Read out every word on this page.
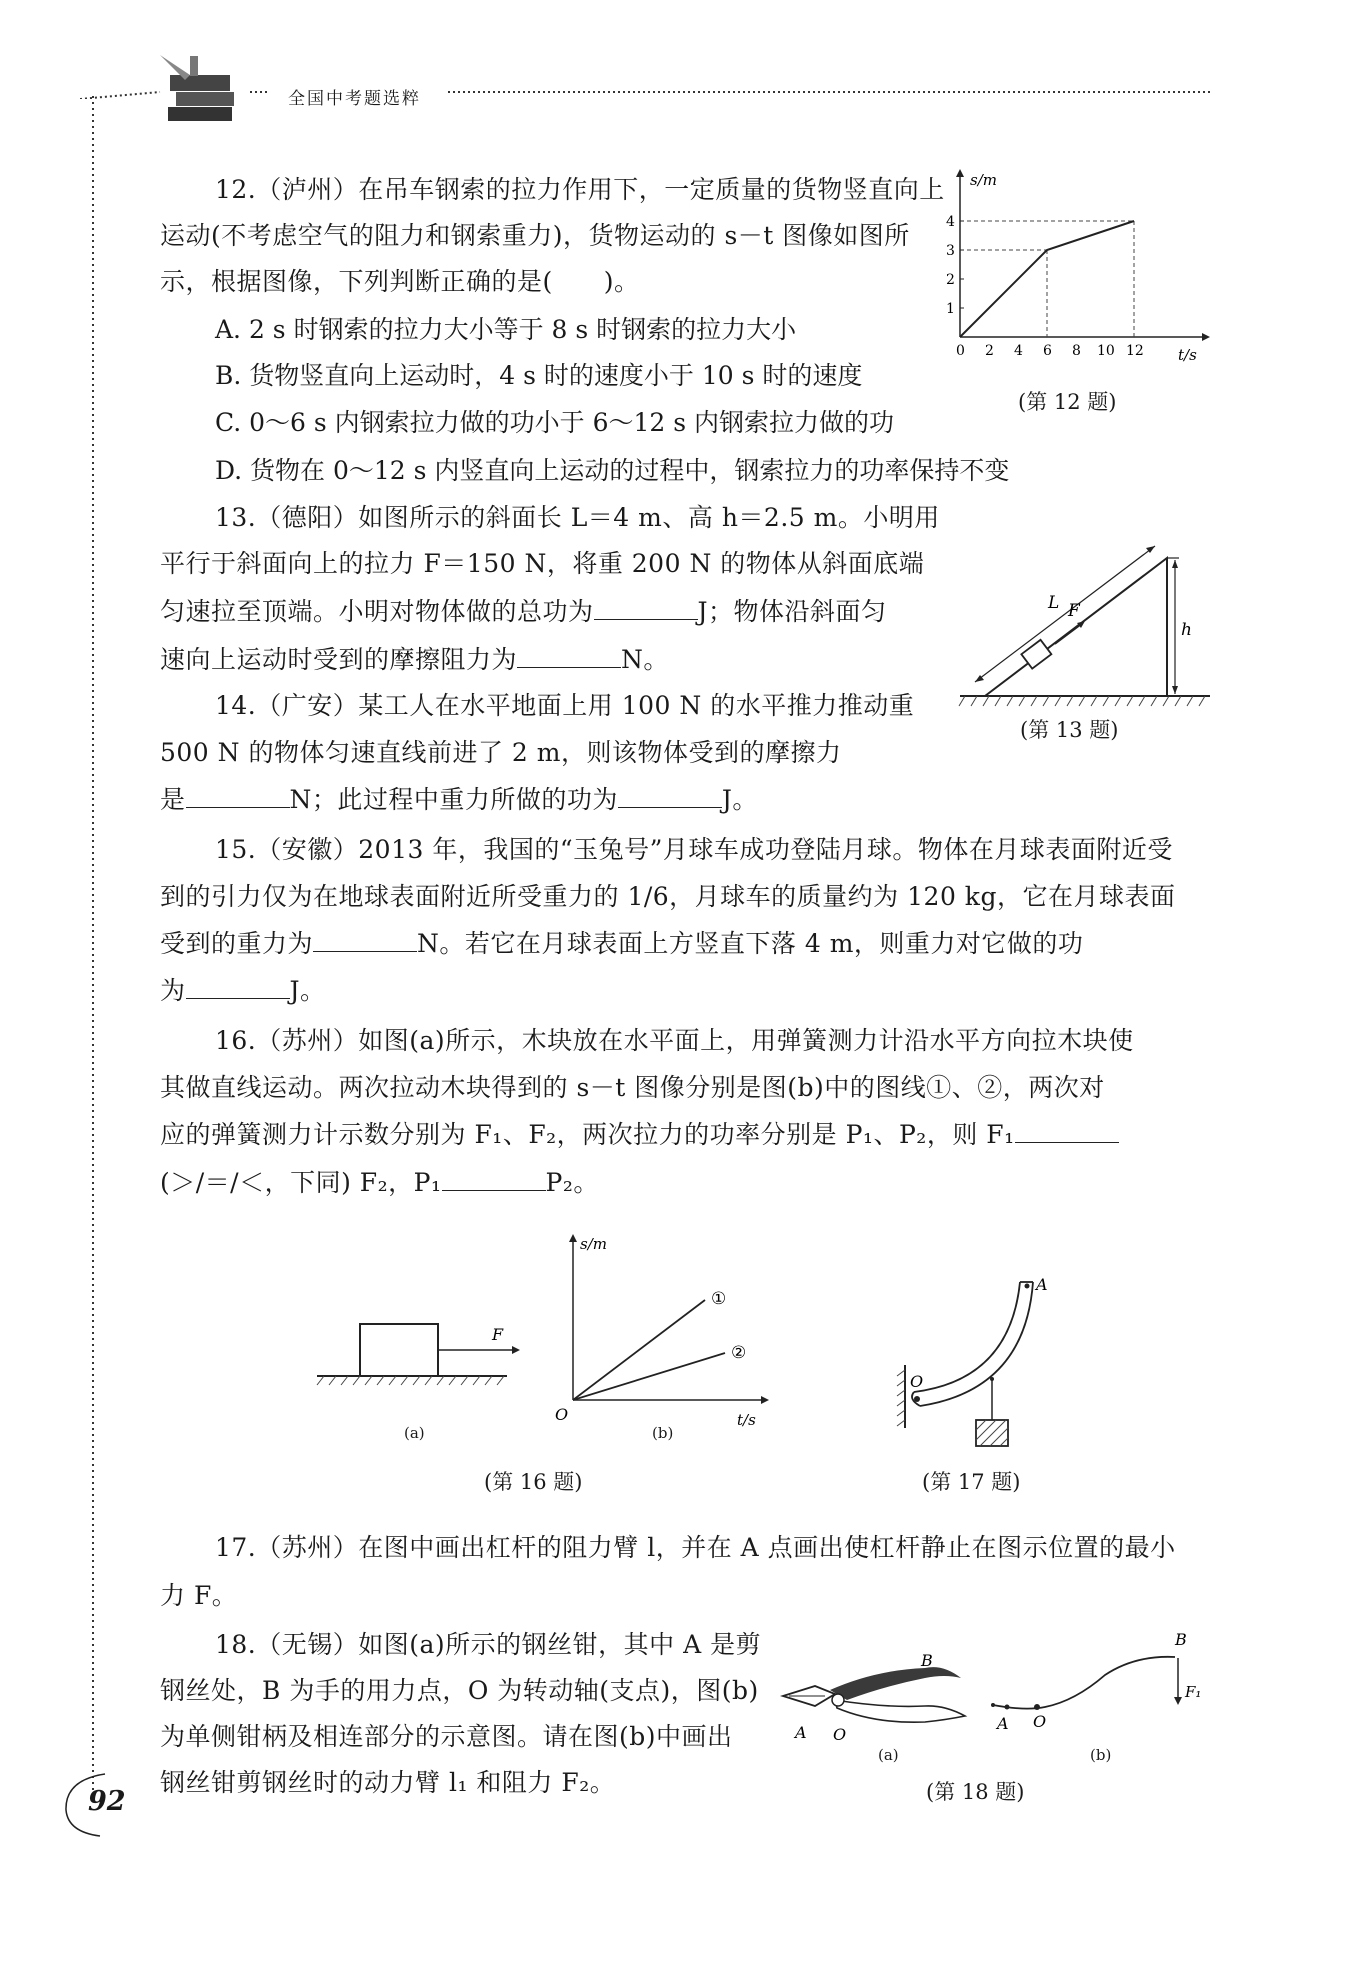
全国中考题选粹
12.（泸州）在吊车钢索的拉力作用下，一定质量的货物竖直向上
运动(不考虑空气的阻力和钢索重力)，货物运动的 s－t 图像如图所
示，根据图像，下列判断正确的是(　　)。
A. 2 s 时钢索的拉力大小等于 8 s 时钢索的拉力大小
B. 货物竖直向上运动时，4 s 时的速度小于 10 s 时的速度
C. 0～6 s 内钢索拉力做的功小于 6～12 s 内钢索拉力做的功
D. 货物在 0～12 s 内竖直向上运动的过程中，钢索拉力的功率保持不变
s/m
t/s
0 2 4 6 8 10 12
1
2
3
4
(第 12 题)
13.（德阳）如图所示的斜面长 L＝4 m、高 h＝2.5 m。小明用
平行于斜面向上的拉力 F＝150 N，将重 200 N 的物体从斜面底端
匀速拉至顶端。小明对物体做的总功为	J；物体沿斜面匀
速向上运动时受到的摩擦阻力为	N。
h
L F
(第 13 题)
14.（广安）某工人在水平地面上用 100 N 的水平推力推动重
500 N 的物体匀速直线前进了 2 m，则该物体受到的摩擦力
是	N；此过程中重力所做的功为	J。
15.（安徽）2013 年，我国的“玉兔号”月球车成功登陆月球。物体在月球表面附近受
到的引力仅为在地球表面附近所受重力的 1/6，月球车的质量约为 120 kg，它在月球表面
受到的重力为	N。若它在月球表面上方竖直下落 4 m，则重力对它做的功
为	J。
16.（苏州）如图(a)所示，木块放在水平面上，用弹簧测力计沿水平方向拉木块使
其做直线运动。两次拉动木块得到的 s－t 图像分别是图(b)中的图线①、②，两次对
应的弹簧测力计示数分别为 F₁、F₂，两次拉力的功率分别是 P₁、P₂，则 F₁
(＞/＝/＜，下同) F₂，P₁	P₂。
F
(a)
s/m
t/s
O
①
②
(b)
(第 16 题)
A
O
(第 17 题)
17.（苏州）在图中画出杠杆的阻力臂 l，并在 A 点画出使杠杆静止在图示位置的最小
力 F。
18.（无锡）如图(a)所示的钢丝钳，其中 A 是剪
钢丝处，B 为手的用力点，O 为转动轴(支点)，图(b)
为单侧钳柄及相连部分的示意图。请在图(b)中画出
钢丝钳剪钢丝时的动力臂 l₁ 和阻力 F₂。
B
A O
(a)
A O
B
F₁
(b)
(第 18 题)
92
